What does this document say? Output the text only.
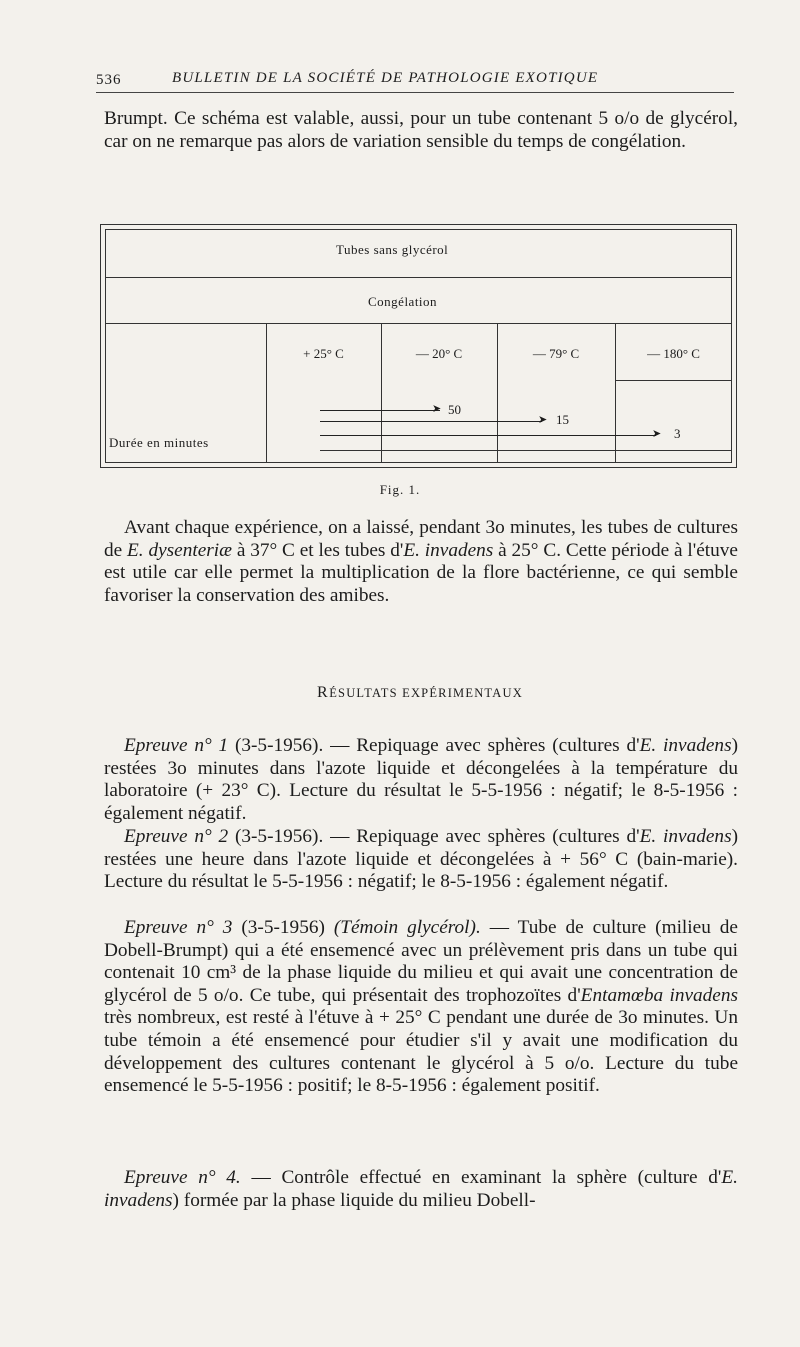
536	BULLETIN DE LA SOCIÉTÉ DE PATHOLOGIE EXOTIQUE

Brumpt. Ce schéma est valable, aussi, pour un tube contenant 5 o/o de glycérol, car on ne remarque pas alors de variation sensible du temps de congélation.

Tubes sans glycérol
Congélation
+ 25° C	— 20° C	— 79° C	— 180° C
➤ 50
➤ 15
➤ 3
Durée en minutes
Fig. 1.

Avant chaque expérience, on a laissé, pendant 3o minutes, les tubes de cultures de E. dysenteriæ à 37° C et les tubes d'E. invadens à 25° C. Cette période à l'étuve est utile car elle permet la multiplication de la flore bactérienne, ce qui semble favoriser la conservation des amibes.

RÉSULTATS EXPÉRIMENTAUX

Epreuve n° 1 (3-5-1956). — Repiquage avec sphères (cultures d'E. invadens) restées 3o minutes dans l'azote liquide et décongelées à la température du laboratoire (+ 23° C). Lecture du résultat le 5-5-1956 : négatif; le 8-5-1956 : également négatif.

Epreuve n° 2 (3-5-1956). — Repiquage avec sphères (cultures d'E. invadens) restées une heure dans l'azote liquide et décongelées à + 56° C (bain-marie). Lecture du résultat le 5-5-1956 : négatif; le 8-5-1956 : également négatif.

Epreuve n° 3 (3-5-1956) (Témoin glycérol). — Tube de culture (milieu de Dobell-Brumpt) qui a été ensemencé avec un prélèvement pris dans un tube qui contenait 10 cm³ de la phase liquide du milieu et qui avait une concentration de glycérol de 5 o/o. Ce tube, qui présentait des trophozoïtes d'Entamœba invadens très nombreux, est resté à l'étuve à + 25° C pendant une durée de 3o minutes. Un tube témoin a été ensemencé pour étudier s'il y avait une modification du développement des cultures contenant le glycérol à 5 o/o. Lecture du tube ensemencé le 5-5-1956 : positif; le 8-5-1956 : également positif.

Epreuve n° 4. — Contrôle effectué en examinant la sphère (culture d'E. invadens) formée par la phase liquide du milieu Dobell-
